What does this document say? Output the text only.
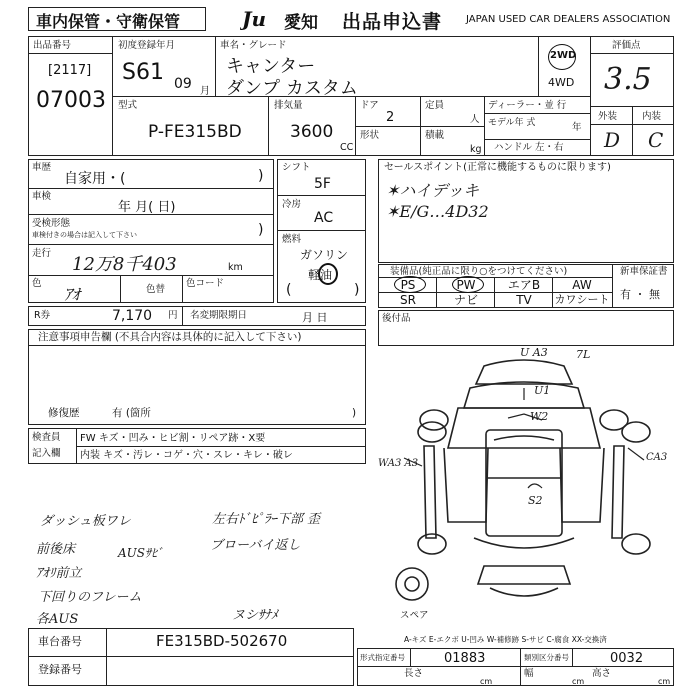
車内保管・守衛保管	Ju 愛知 出品申込書 JAPAN USED CAR DEALERS ASSOCIATION
出品番号
[2117]
07003
初度登録年月
S61 09 月
車名・グレード
キャンター
ダンプ カスタム
2WD
4WD
評価点
3.5
外装	内装
D C
型式
P-FE315BD
排気量
3600
CC
ドア
2
定員
人
形状	積載
kg
ディーラー・並 行
モデル年 式	年
ハンドル 左・右
車歴
自家用・(	)
車検
年 月( 日)
受検形態
車検付きの場合は記入して下さい	)
走行
12万8千403	km
色
ｱｵ	色替
色コード
R券	7,170 円 名変期限期日	月 日
シフト
5F
冷房
AC
燃料
ガソリン
軽油
(	)
セールスポイント(正常に機能するものに限ります)
✶ハイデッキ
✶E/G…4D32
装備品(純正品に限り○をつけてください)
PS	PW	エアB	AW
SR	ナビ	TV	カワシート
新車保証書
有 ・ 無
後付品
注意事項申告欄 (不具合内容は具体的に記入して下さい)
修復歴	有 (箇所	)
検査員
記入欄
FW キズ・凹み・ヒビ割・リペア跡・X要
内装 キズ・汚レ・コゲ・穴・スレ・キレ・破レ
ダッシュ板ワレ
前後床
ｱｵﾘ前立
下回りのフレーム
各AUS
AUSｻﾋﾞ
左右ﾄﾞﾋﾟﾗｰ下部 歪
ブローバイ返し
ヌシｻﾅﾒ
U A3	7L
U1
W2
S2
WA3 A3
CA3
スペア
A-キズ E-エクボ U-凹み W-補修跡 S-サビ C-腐食 XX-交換済
車台番号	FE315BD-502670
登録番号
形式指定番号	01883	類別区分番号	0032
長さ
cm
幅
cm
高さ
cm
